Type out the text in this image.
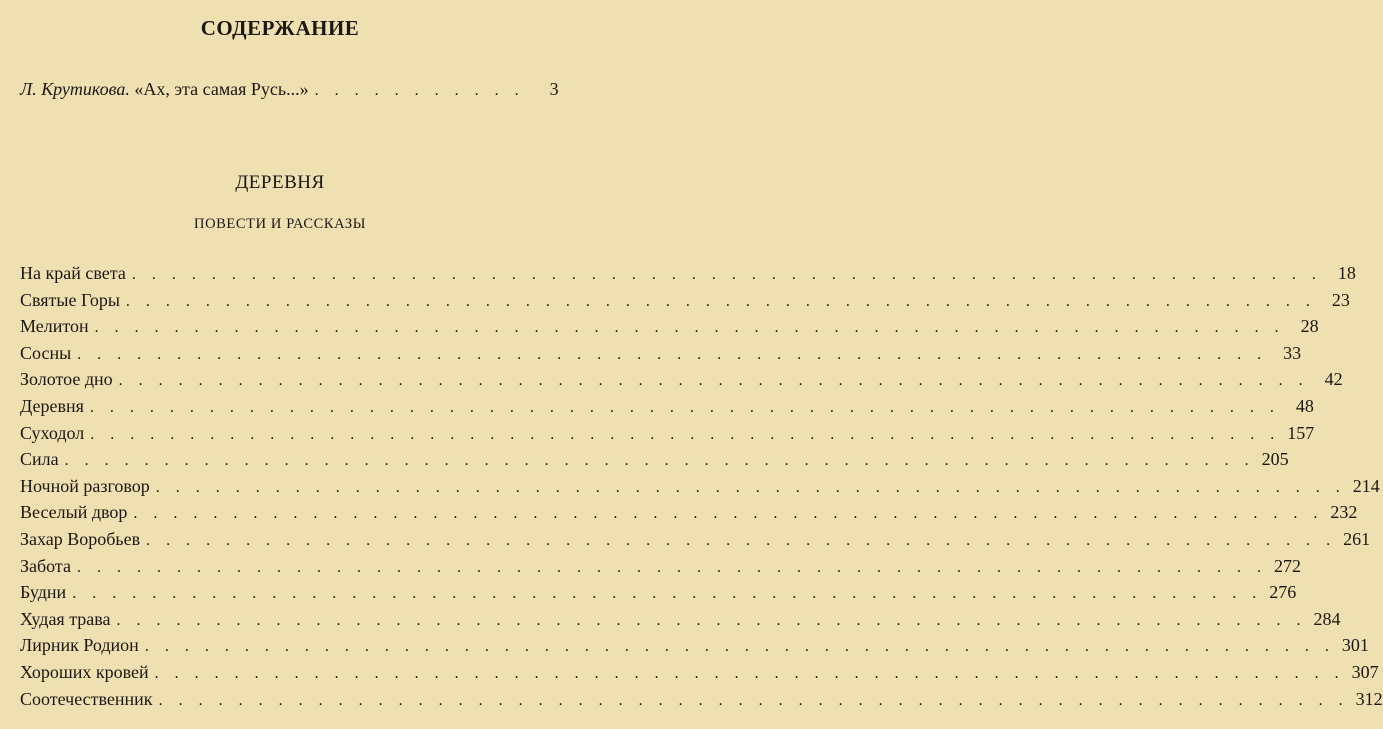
СОДЕРЖАНИЕ
Л. Крутикова. «Ах, эта самая Русь...» . . . . . . . . . . .	3
ДЕРЕВНЯ
ПОВЕСТИ И РАССКАЗЫ
На край света . . . . . . . . . . . . . . . . . . . . . . . . . . . . . . . . . . . . . . . . . . . . . . . . . . . . . . . . . . . . 18
Святые Горы . . . . . . . . . . . . . . . . . . . . . . . . . . . . . . . . . . . . . . . . . . . . . . . . . . . . . . . . . . . . 23
Мелитон . . . . . . . . . . . . . . . . . . . . . . . . . . . . . . . . . . . . . . . . . . . . . . . . . . . . . . . . . . . . 28
Сосны . . . . . . . . . . . . . . . . . . . . . . . . . . . . . . . . . . . . . . . . . . . . . . . . . . . . . . . . . . . . 33
Золотое дно . . . . . . . . . . . . . . . . . . . . . . . . . . . . . . . . . . . . . . . . . . . . . . . . . . . . . . . . . . . . 42
Деревня . . . . . . . . . . . . . . . . . . . . . . . . . . . . . . . . . . . . . . . . . . . . . . . . . . . . . . . . . . . . 48
Суходол . . . . . . . . . . . . . . . . . . . . . . . . . . . . . . . . . . . . . . . . . . . . . . . . . . . . . . . . . . . . 157
Сила . . . . . . . . . . . . . . . . . . . . . . . . . . . . . . . . . . . . . . . . . . . . . . . . . . . . . . . . . . . . 205
Ночной разговор . . . . . . . . . . . . . . . . . . . . . . . . . . . . . . . . . . . . . . . . . . . . . . . . . . . . . . . . . . . . 214
Веселый двор . . . . . . . . . . . . . . . . . . . . . . . . . . . . . . . . . . . . . . . . . . . . . . . . . . . . . . . . . . . . 232
Захар Воробьев . . . . . . . . . . . . . . . . . . . . . . . . . . . . . . . . . . . . . . . . . . . . . . . . . . . . . . . . . . . . 261
Забота . . . . . . . . . . . . . . . . . . . . . . . . . . . . . . . . . . . . . . . . . . . . . . . . . . . . . . . . . . . . 272
Будни . . . . . . . . . . . . . . . . . . . . . . . . . . . . . . . . . . . . . . . . . . . . . . . . . . . . . . . . . . . . 276
Худая трава . . . . . . . . . . . . . . . . . . . . . . . . . . . . . . . . . . . . . . . . . . . . . . . . . . . . . . . . . . . . 284
Лирник Родион . . . . . . . . . . . . . . . . . . . . . . . . . . . . . . . . . . . . . . . . . . . . . . . . . . . . . . . . . . . . 301
Хороших кровей . . . . . . . . . . . . . . . . . . . . . . . . . . . . . . . . . . . . . . . . . . . . . . . . . . . . . . . . . . . . 307
Соотечественник . . . . . . . . . . . . . . . . . . . . . . . . . . . . . . . . . . . . . . . . . . . . . . . . . . . . . . . . . . . . 312
